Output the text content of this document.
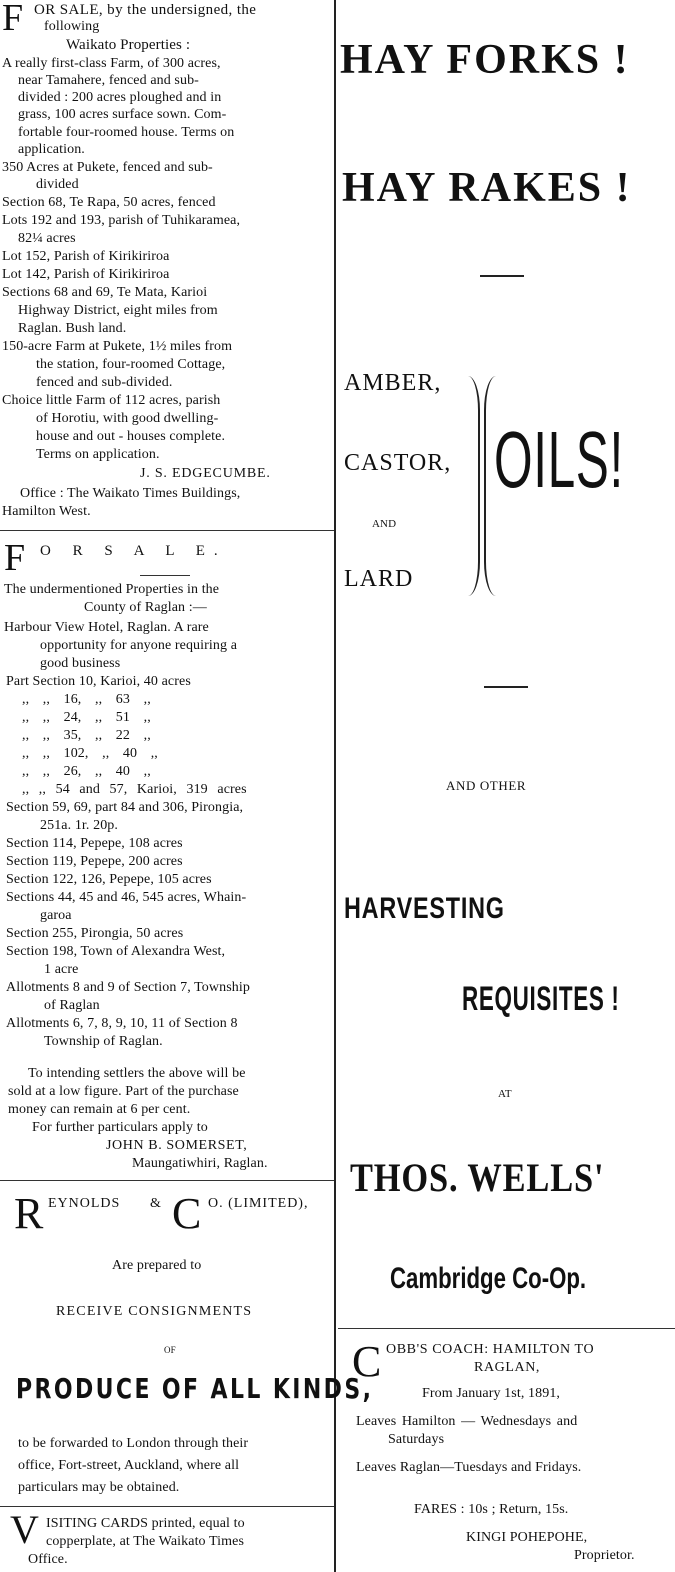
F OR SALE, by the undersigned, the
following
Waikato Properties :
A really first-class Farm, of 300 acres,
near Tamahere, fenced and sub-
divided : 200 acres ploughed and in
grass, 100 acres surface sown. Com-
fortable four-roomed house. Terms on
application.
350 Acres at Pukete, fenced and sub-
divided
Section 68, Te Rapa, 50 acres, fenced
Lots 192 and 193, parish of Tuhikaramea,
82¼ acres
Lot 152, Parish of Kirikiriroa
Lot 142, Parish of Kirikiriroa
Sections 68 and 69, Te Mata, Karioi
Highway District, eight miles from
Raglan. Bush land.
150-acre Farm at Pukete, 1½ miles from
the station, four-roomed Cottage,
fenced and sub-divided.
Choice little Farm of 112 acres, parish
of Horotiu, with good dwelling-
house and out - houses complete.
Terms on application.
J. S. EDGECUMBE.
Office : The Waikato Times Buildings,
Hamilton West.
F O R S A L E.
The undermentioned Properties in the
County of Raglan :—
Harbour View Hotel, Raglan. A rare
opportunity for anyone requiring a
good business
Part Section 10, Karioi, 40 acres
,, ,, 16, ,, 63 ,,
,, ,, 24, ,, 51 ,,
,, ,, 35, ,, 22 ,,
,, ,, 102, ,, 40 ,,
,, ,, 26, ,, 40 ,,
,, ,, 54 and 57, Karioi, 319 acres
Section 59, 69, part 84 and 306, Pirongia,
251a. 1r. 20p.
Section 114, Pepepe, 108 acres
Section 119, Pepepe, 200 acres
Section 122, 126, Pepepe, 105 acres
Sections 44, 45 and 46, 545 acres, Whain-
garoa
Section 255, Pirongia, 50 acres
Section 198, Town of Alexandra West,
1 acre
Allotments 8 and 9 of Section 7, Township
of Raglan
Allotments 6, 7, 8, 9, 10, 11 of Section 8
Township of Raglan.
To intending settlers the above will be
sold at a low figure. Part of the purchase
money can remain at 6 per cent.
For further particulars apply to
JOHN B. SOMERSET,
Maungatiwhiri, Raglan.
R EYNOLDS & C O. (LIMITED),
Are prepared to
RECEIVE CONSIGNMENTS
OF
PRODUCE OF ALL KINDS,
to be forwarded to London through their
office, Fort-street, Auckland, where all
particulars may be obtained.
V ISITING CARDS printed, equal to
copperplate, at The Waikato Times
Office.
HAY FORKS !
HAY RAKES !
AMBER,
CASTOR,
AND
LARD
OILS!
AND OTHER
HARVESTING
REQUISITES !
AT
THOS. WELLS'
Cambridge Co-Op.
C OBB'S COACH: HAMILTON TO
RAGLAN,
From January 1st, 1891,
Leaves Hamilton — Wednesdays and
Saturdays
Leaves Raglan—Tuesdays and Fridays.
FARES : 10s ; Return, 15s.
KINGI POHEPOHE,
Proprietor.
